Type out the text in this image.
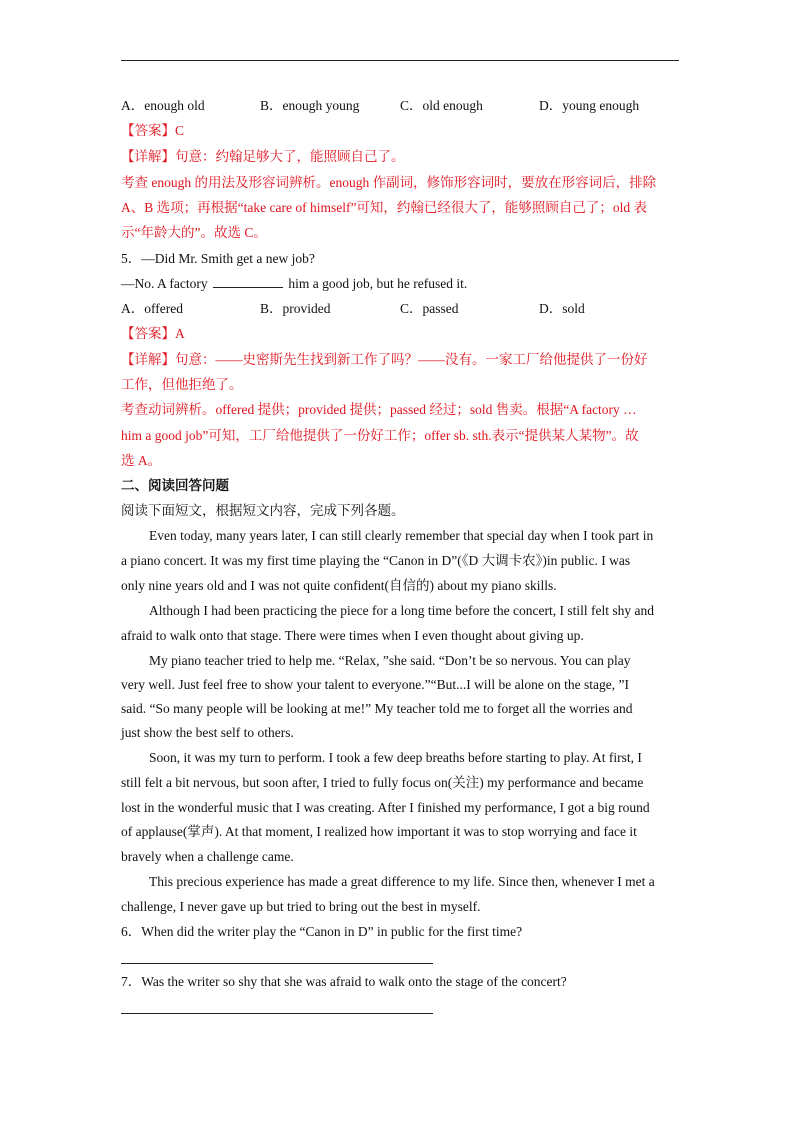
A．enough old	B．enough young	C．old enough	D．young enough
【答案】C
【详解】句意：约翰足够大了，能照顾自己了。
考查 enough 的用法及形容词辨析。enough 作副词，修饰形容词时，要放在形容词后，排除
A、B 选项；再根据“take care of himself”可知，约翰已经很大了，能够照顾自己了；old 表
示“年龄大的”。故选 C。
5．—Did Mr. Smith get a new job?
—No. A factory	him a good job, but he refused it.
A．offered	B．provided	C．passed	D．sold
【答案】A
【详解】句意：——史密斯先生找到新工作了吗？——没有。一家工厂给他提供了一份好
工作，但他拒绝了。
考查动词辨析。offered 提供；provided 提供；passed 经过；sold 售卖。根据“A factory …
him a good job”可知，工厂给他提供了一份好工作；offer sb. sth.表示“提供某人某物”。故
选 A。
二、阅读回答问题
阅读下面短文，根据短文内容，完成下列各题。
Even today, many years later, I can still clearly remember that special day when I took part in
a piano concert. It was my first time playing the “Canon in D”(《D 大调卡农》)in public. I was
only nine years old and I was not quite confident(自信的) about my piano skills.
Although I had been practicing the piece for a long time before the concert, I still felt shy and
afraid to walk onto that stage. There were times when I even thought about giving up.
My piano teacher tried to help me. “Relax, ”she said. “Don’t be so nervous. You can play
very well. Just feel free to show your talent to everyone.”“But...I will be alone on the stage, ”I
said. “So many people will be looking at me!” My teacher told me to forget all the worries and
just show the best self to others.
Soon, it was my turn to perform. I took a few deep breaths before starting to play. At first, I
still felt a bit nervous, but soon after, I tried to fully focus on(关注) my performance and became
lost in the wonderful music that I was creating. After I finished my performance, I got a big round
of applause(掌声). At that moment, I realized how important it was to stop worrying and face it
bravely when a challenge came.
This precious experience has made a great difference to my life. Since then, whenever I met a
challenge, I never gave up but tried to bring out the best in myself.
6．When did the writer play the “Canon in D” in public for the first time?
7．Was the writer so shy that she was afraid to walk onto the stage of the concert?
